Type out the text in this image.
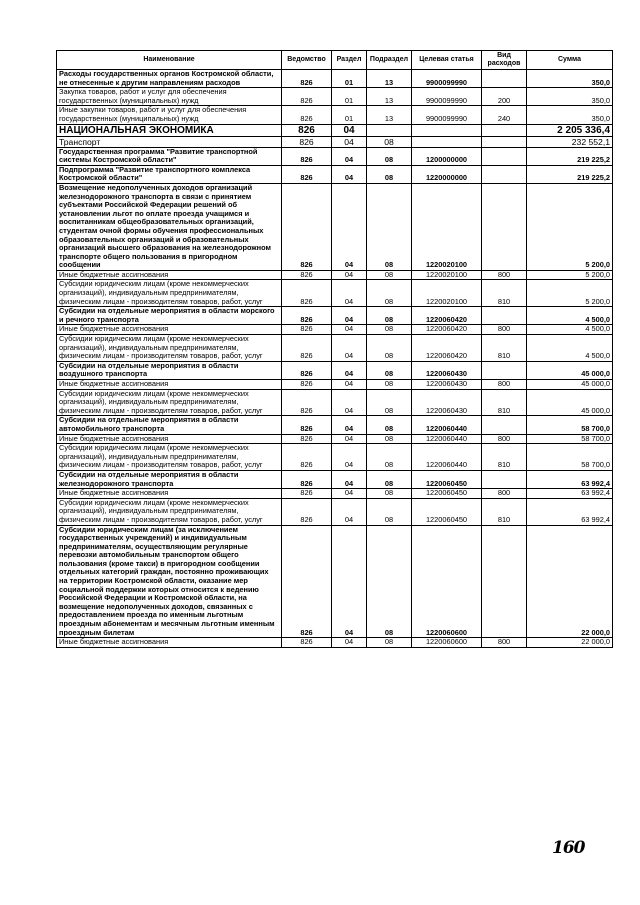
Наименование	Ведомство	Раздел	Подраздел	Целевая статья	Вид расходов	Сумма
Расходы государственных органов Костромской области, не отнесенные к другим направлениям расходов	826	01	13	9900099990		350,0
Закупка товаров, работ и услуг для обеспечения государственных (муниципальных) нужд	826	01	13	9900099990	200	350,0
Иные закупки товаров, работ и услуг для обеспечения государственных (муниципальных) нужд	826	01	13	9900099990	240	350,0
НАЦИОНАЛЬНАЯ ЭКОНОМИКА	826	04				2 205 336,4
Транспорт	826	04	08			232 552,1
Государственная программа "Развитие транспортной системы Костромской области"	826	04	08	1200000000		219 225,2
Подпрограмма "Развитие транспортного комплекса Костромской области"	826	04	08	1220000000		219 225,2
Возмещение недополученных доходов организаций железнодорожного транспорта в связи с принятием субъектами Российской Федерации решений об установлении льгот по оплате проезда учащимся и воспитанникам общеобразовательных организаций, студентам очной формы обучения профессиональных образовательных организаций и образовательных организаций высшего образования на железнодорожном транспорте общего пользования в пригородном сообщении	826	04	08	1220020100		5 200,0
Иные бюджетные ассигнования	826	04	08	1220020100	800	5 200,0
Субсидии юридическим лицам (кроме некоммерческих организаций), индивидуальным предпринимателям, физическим лицам - производителям товаров, работ, услуг	826	04	08	1220020100	810	5 200,0
Субсидии на отдельные мероприятия в области морского и речного транспорта	826	04	08	1220060420		4 500,0
Иные бюджетные ассигнования	826	04	08	1220060420	800	4 500,0
Субсидии юридическим лицам (кроме некоммерческих организаций), индивидуальным предпринимателям, физическим лицам - производителям товаров, работ, услуг	826	04	08	1220060420	810	4 500,0
Субсидии на отдельные мероприятия в области воздушного транспорта	826	04	08	1220060430		45 000,0
Иные бюджетные ассигнования	826	04	08	1220060430	800	45 000,0
Субсидии юридическим лицам (кроме некоммерческих организаций), индивидуальным предпринимателям, физическим лицам - производителям товаров, работ, услуг	826	04	08	1220060430	810	45 000,0
Субсидии на отдельные мероприятия в области автомобильного транспорта	826	04	08	1220060440		58 700,0
Иные бюджетные ассигнования	826	04	08	1220060440	800	58 700,0
Субсидии юридическим лицам (кроме некоммерческих организаций), индивидуальным предпринимателям, физическим лицам - производителям товаров, работ, услуг	826	04	08	1220060440	810	58 700,0
Субсидии на отдельные мероприятия в области железнодорожного транспорта	826	04	08	1220060450		63 992,4
Иные бюджетные ассигнования	826	04	08	1220060450	800	63 992,4
Субсидии юридическим лицам (кроме некоммерческих организаций), индивидуальным предпринимателям, физическим лицам - производителям товаров, работ, услуг	826	04	08	1220060450	810	63 992,4
Субсидии юридическим лицам (за исключением государственных учреждений) и индивидуальным предпринимателям, осуществляющим регулярные перевозки автомобильным транспортом общего пользования (кроме такси) в пригородном сообщении отдельных категорий граждан, постоянно проживающих на территории Костромской области, оказание мер социальной поддержки которых относится к ведению Российской Федерации и Костромской области, на возмещение недополученных доходов, связанных с предоставлением проезда по именным льготным проездным абонементам и месячным льготным именным проездным билетам	826	04	08	1220060600		22 000,0
Иные бюджетные ассигнования	826	04	08	1220060600	800	22 000,0
160
